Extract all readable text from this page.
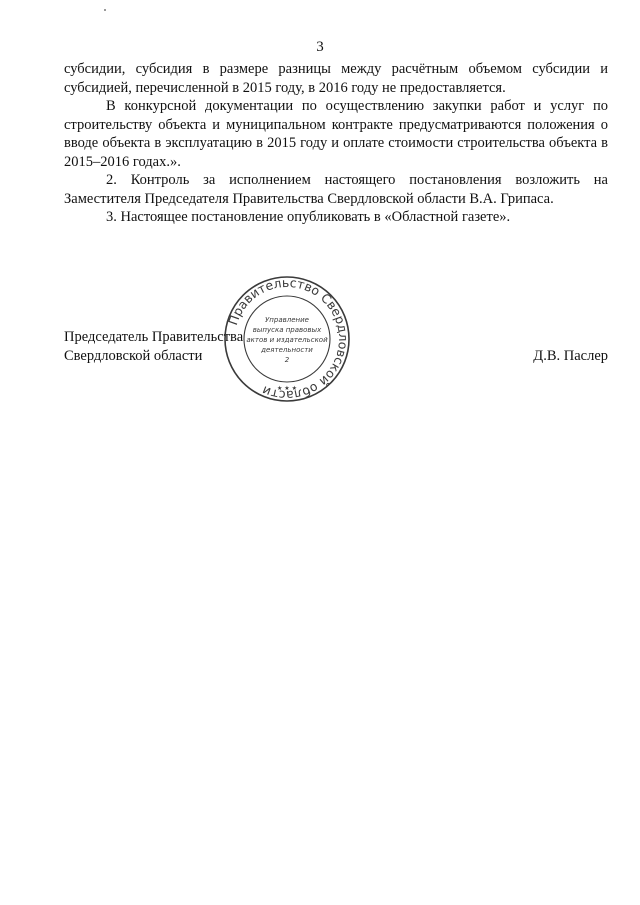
3

субсидии, субсидия в размере разницы между расчётным объемом субсидии и субсидией, перечисленной в 2015 году, в 2016 году не предоставляется.

В конкурсной документации по осуществлению закупки работ и услуг по строительству объекта и муниципальном контракте предусматриваются положения о вводе объекта в эксплуатацию в 2015 году и оплате стоимости строительства объекта в 2015–2016 годах.».

2. Контроль за исполнением настоящего постановления возложить на Заместителя Председателя Правительства Свердловской области В.А. Грипаса.

3. Настоящее постановление опубликовать в «Областной газете».

Председатель Правительства
Свердловской области	Д.В. Паслер
Правительство Свердловской области
Управление
выпуска правовых
актов и издательской
деятельности
2
★ ★ ★
